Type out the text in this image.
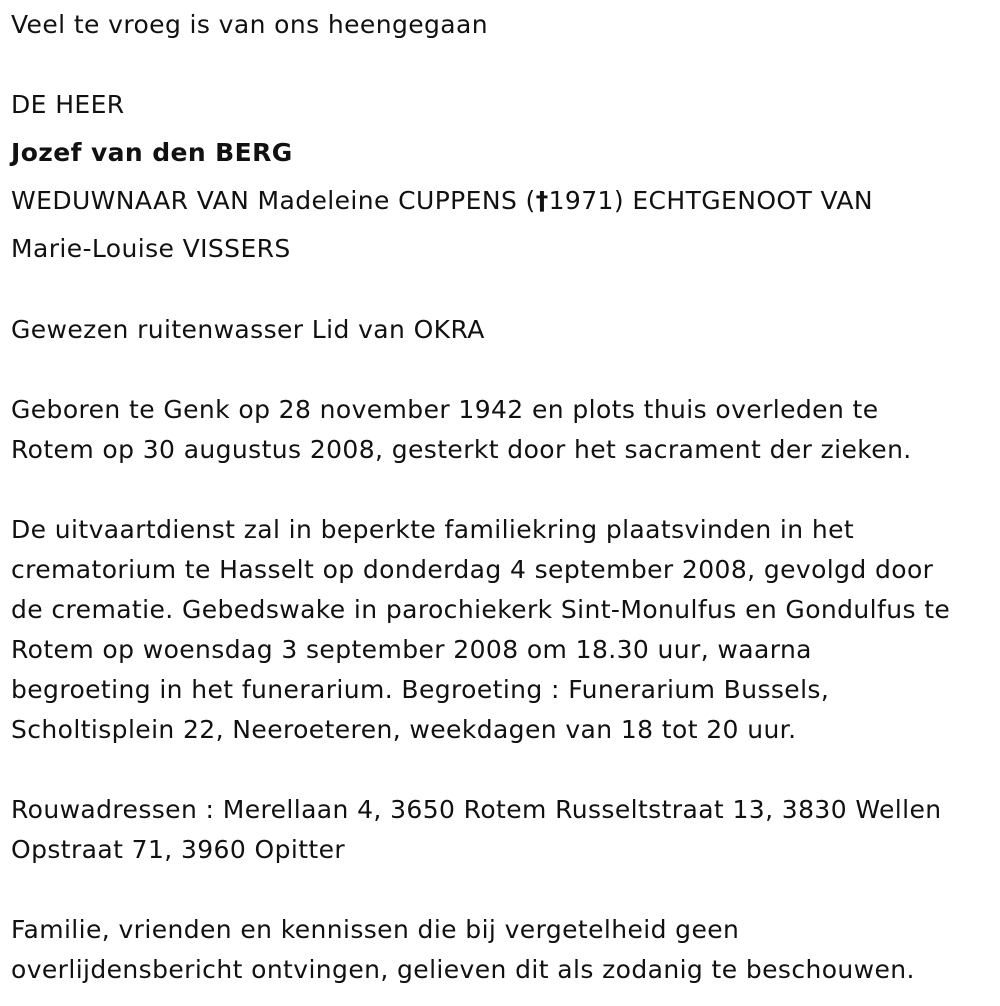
Veel te vroeg is van ons heengegaan
DE HEER
Jozef van den BERG
WEDUWNAAR VAN Madeleine CUPPENS (†1971) ECHTGENOOT VAN
Marie-Louise VISSERS
Gewezen ruitenwasser Lid van OKRA
Geboren te Genk op 28 november 1942 en plots thuis overleden te
Rotem op 30 augustus 2008, gesterkt door het sacrament der zieken.
De uitvaartdienst zal in beperkte familiekring plaatsvinden in het
crematorium te Hasselt op donderdag 4 september 2008, gevolgd door
de crematie. Gebedswake in parochiekerk Sint-Monulfus en Gondulfus te
Rotem op woensdag 3 september 2008 om 18.30 uur, waarna
begroeting in het funerarium. Begroeting : Funerarium Bussels,
Scholtisplein 22, Neeroeteren, weekdagen van 18 tot 20 uur.
Rouwadressen : Merellaan 4, 3650 Rotem Russeltstraat 13, 3830 Wellen
Opstraat 71, 3960 Opitter
Familie, vrienden en kennissen die bij vergetelheid geen
overlijdensbericht ontvingen, gelieven dit als zodanig te beschouwen.
